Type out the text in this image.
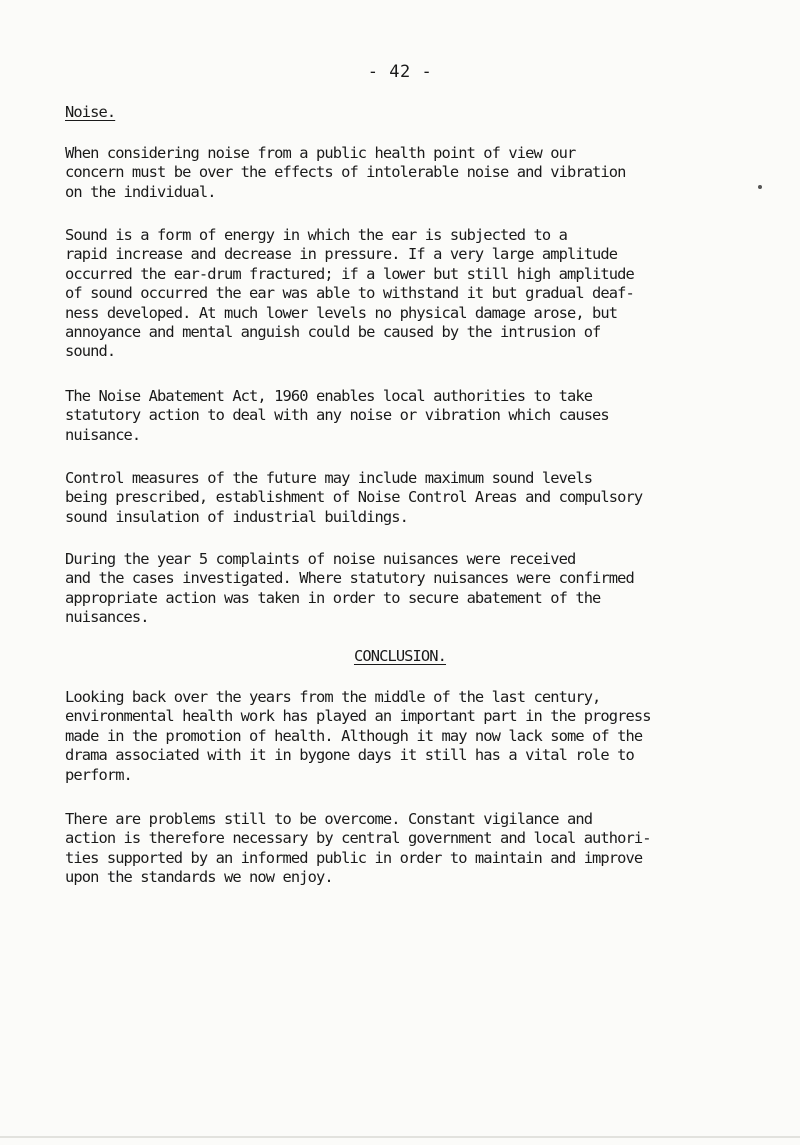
- 42 -
Noise.

When considering noise from a public health point of view our
concern must be over the effects of intolerable noise and vibration
on the individual.

Sound is a form of energy in which the ear is subjected to a
rapid increase and decrease in pressure. If a very large amplitude
occurred the ear-drum fractured; if a lower but still high amplitude
of sound occurred the ear was able to withstand it but gradual deaf-
ness developed. At much lower levels no physical damage arose, but
annoyance and mental anguish could be caused by the intrusion of
sound.

The Noise Abatement Act, 1960 enables local authorities to take
statutory action to deal with any noise or vibration which causes
nuisance.

Control measures of the future may include maximum sound levels
being prescribed, establishment of Noise Control Areas and compulsory
sound insulation of industrial buildings.

During the year 5 complaints of noise nuisances were received
and the cases investigated. Where statutory nuisances were confirmed
appropriate action was taken in order to secure abatement of the
nuisances.

CONCLUSION.

Looking back over the years from the middle of the last century,
environmental health work has played an important part in the progress
made in the promotion of health. Although it may now lack some of the
drama associated with it in bygone days it still has a vital role to
perform.

There are problems still to be overcome. Constant vigilance and
action is therefore necessary by central government and local authori-
ties supported by an informed public in order to maintain and improve
upon the standards we now enjoy.
